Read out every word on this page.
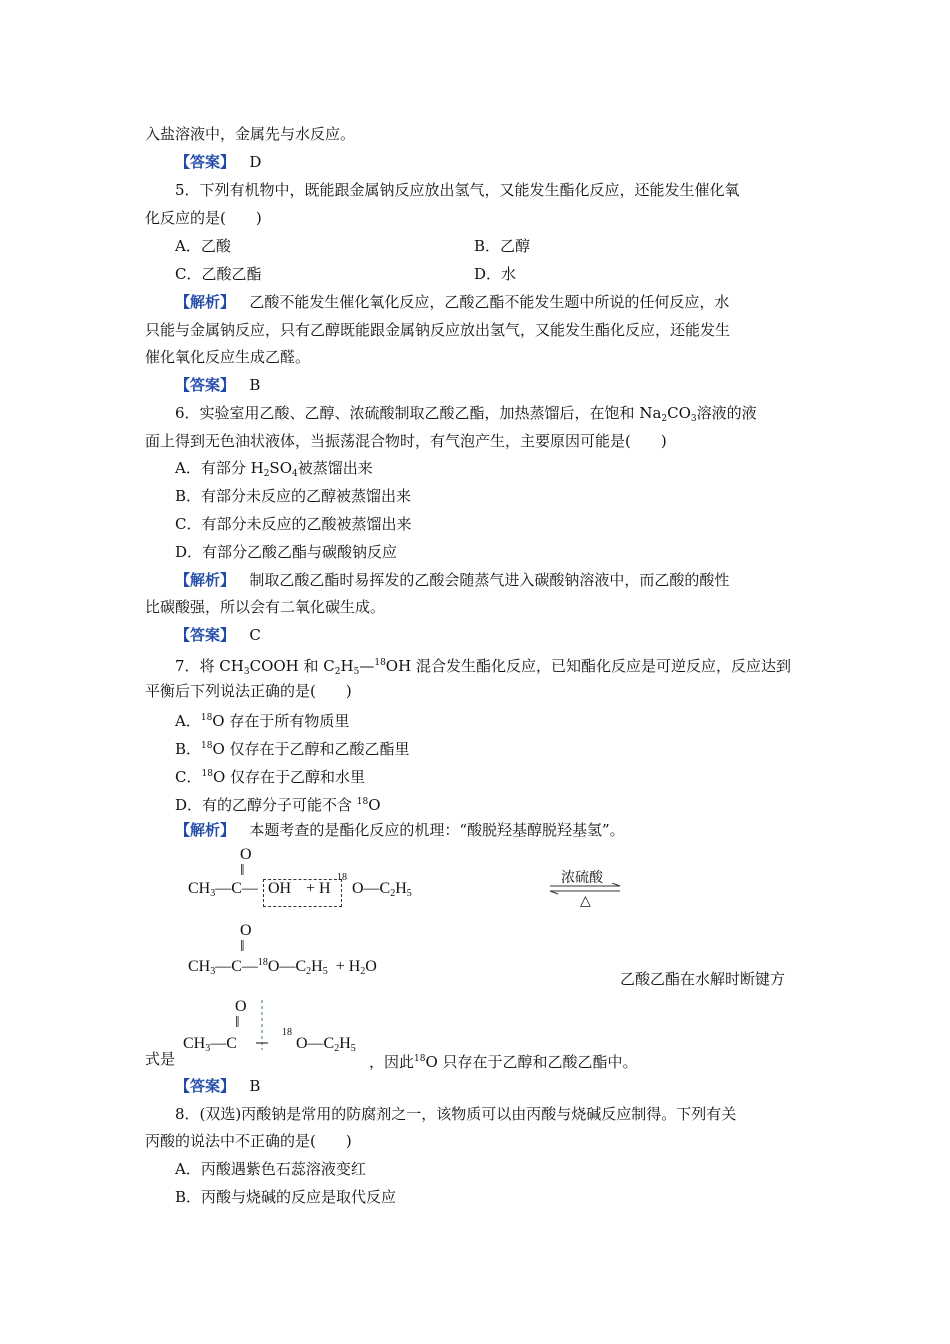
入盐溶液中，金属先与水反应。
【答案】 D
5．下列有机物中，既能跟金属钠反应放出氢气，又能发生酯化反应，还能发生催化氧
化反应的是(　　)
A．乙酸	B．乙醇
C．乙酸乙酯	D．水
【解析】 乙酸不能发生催化氧化反应，乙酸乙酯不能发生题中所说的任何反应，水
只能与金属钠反应，只有乙醇既能跟金属钠反应放出氢气，又能发生酯化反应，还能发生
催化氧化反应生成乙醛。
【答案】 B
6．实验室用乙酸、乙醇、浓硫酸制取乙酸乙酯，加热蒸馏后，在饱和 $Na_2CO_3$溶液的液
面上得到无色油状液体，当振荡混合物时，有气泡产生，主要原因可能是(　　)
A．有部分 $H_2SO_4$被蒸馏出来
B．有部分未反应的乙醇被蒸馏出来
C．有部分未反应的乙酸被蒸馏出来
D．有部分乙酸乙酯与碳酸钠反应
【解析】 制取乙酸乙酯时易挥发的乙酸会随蒸气进入碳酸钠溶液中，而乙酸的酸性
比碳酸强，所以会有二氧化碳生成。
【答案】 C
7．将 $CH_3COOH$ 和 $C_2H_5—^{18}OH$ 混合发生酯化反应，已知酯化反应是可逆反应，反应达到
平衡后下列说法正确的是(　　)
A．$^{18}$O 存在于所有物质里
B．$^{18}$O 仅存在于乙醇和乙酸乙酯里
C．$^{18}$O 仅存在于乙醇和水里
D．有的乙醇分子可能不含 $^{18}$O
【解析】 本题考查的是酯化反应的机理：“酸脱羟基醇脱羟基氢”。
O
‖
$CH_3—C—$ OH + H
18
$O—C_2H_5$
浓硫酸
△
O
‖
$CH_3—C—^{18}O—C_2H_5 + H_2O$
乙酸乙酯在水解时断键方
O
‖
式是
$CH_3—C$
18
$O—C_2H_5$
，因此$^{18}$O 只存在于乙醇和乙酸乙酯中。
【答案】 B
8．(双选)丙酸钠是常用的防腐剂之一，该物质可以由丙酸与烧碱反应制得。下列有关
丙酸的说法中不正确的是(　　)
A．丙酸遇紫色石蕊溶液变红
B．丙酸与烧碱的反应是取代反应
